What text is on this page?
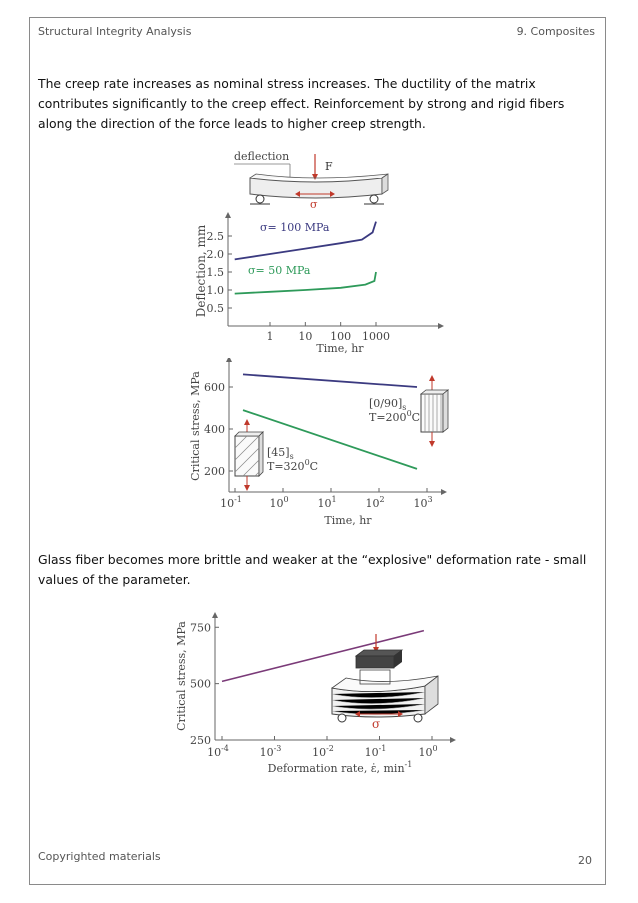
Structural Integrity Analysis	9. Composites
The creep rate increases as nominal stress increases. The ductility of the matrix contributes significantly to the creep effect. Reinforcement by strong and rigid fibers along the direction of the force leads to higher creep strength.
deflection
F
σ
1 10 100 1000
0.5
1.0
1.5
2.0
2.5
Deflection, mm
Time, hr
σ= 100 MPa
σ= 50 MPa
$10^{-1}$	$10^0$	$10^1$	$10^2$	$10^3$
200
400
600
Critical stress, MPa
Time, hr
$[45]_s$
$T=320^0C$
$[0/90]_s$
$T=200^0C$
Glass fiber becomes more brittle and weaker at the “explosive" deformation rate - small values of the parameter.
$10^{-4}$	$10^{-3}$	$10^{-2}$	$10^{-1}$	$10^0$
250
500
750
Critical stress, MPa
Deformation rate, ε̇, $\min^{-1}$
σ
Copyrighted materials	20
